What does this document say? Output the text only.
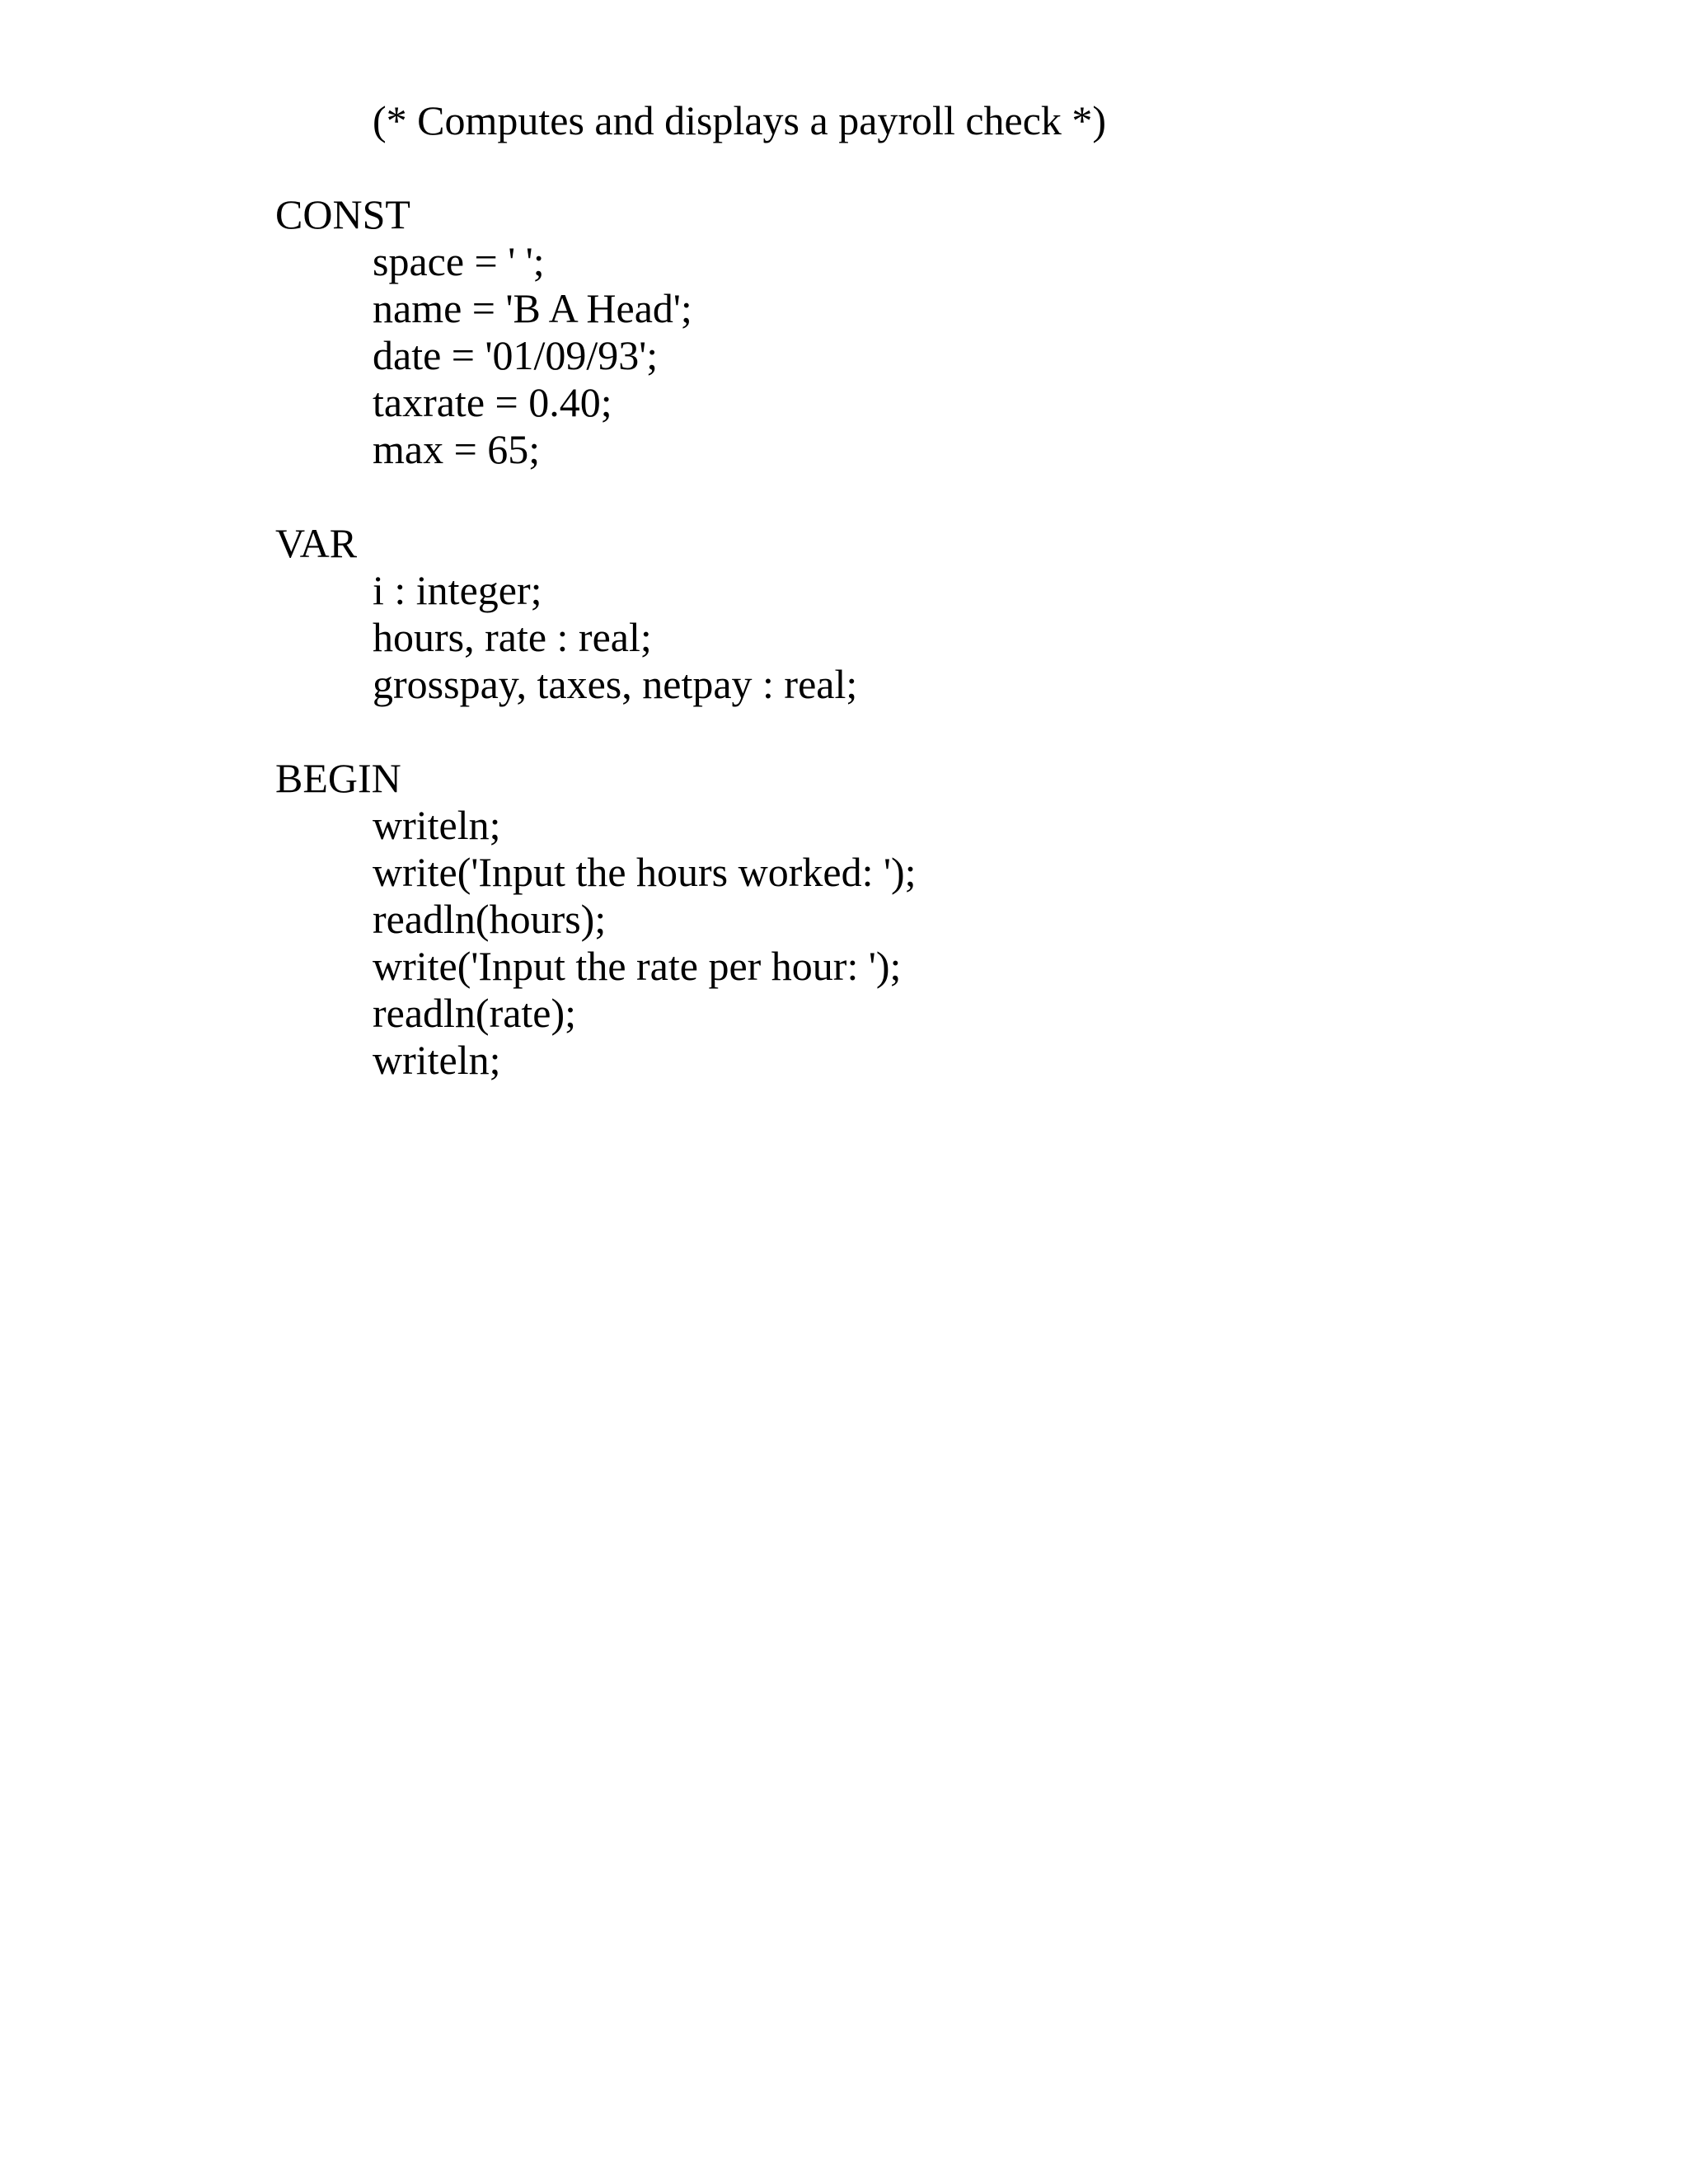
(* Computes and displays a payroll check *)

CONST

space = ' ';

name = 'B A Head';

date = '01/09/93';

taxrate = 0.40;

max = 65;

VAR

i : integer;

hours, rate : real;

grosspay, taxes, netpay : real;

BEGIN

writeln;

write('Input the hours worked: ');

readln(hours);

write('Input the rate per hour: ');

readln(rate);

writeln;
